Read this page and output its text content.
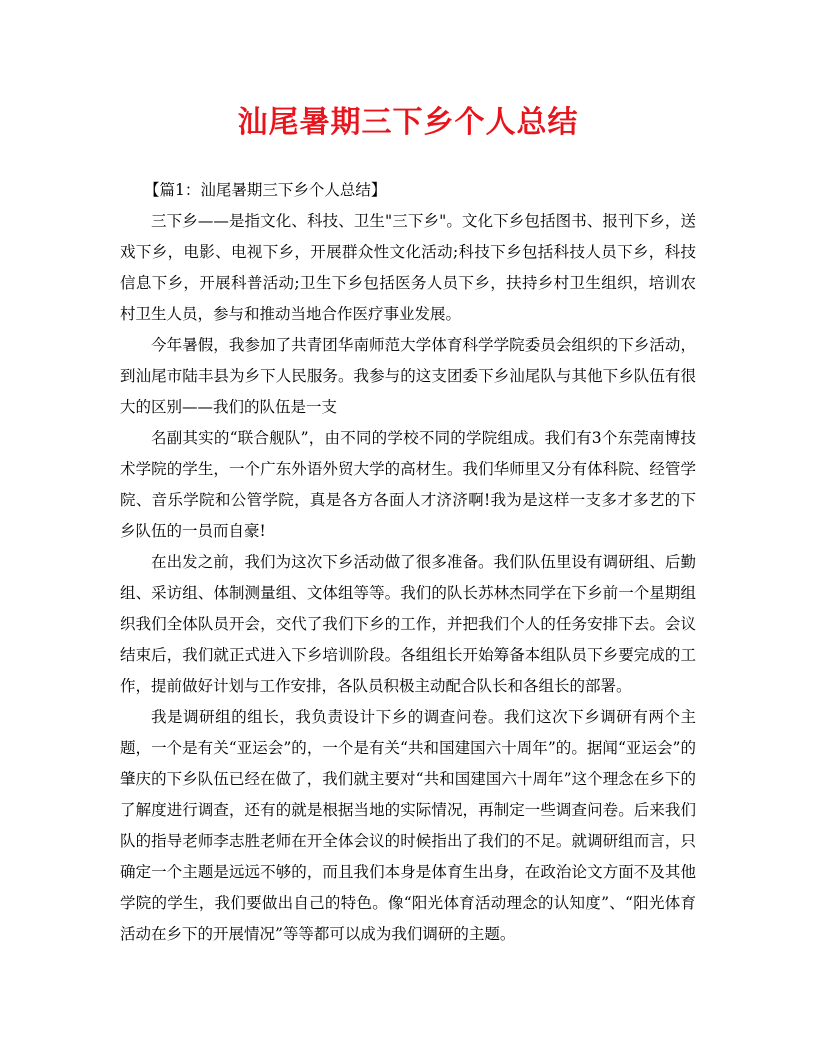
汕尾暑期三下乡个人总结

【篇1：汕尾暑期三下乡个人总结】

三下乡——是指文化、科技、卫生"三下乡"。文化下乡包括图书、报刊下乡，送戏下乡，电影、电视下乡，开展群众性文化活动;科技下乡包括科技人员下乡，科技信息下乡，开展科普活动;卫生下乡包括医务人员下乡，扶持乡村卫生组织，培训农村卫生人员，参与和推动当地合作医疗事业发展。

今年暑假，我参加了共青团华南师范大学体育科学学院委员会组织的下乡活动，到汕尾市陆丰县为乡下人民服务。我参与的这支团委下乡汕尾队与其他下乡队伍有很大的区别——我们的队伍是一支

名副其实的“联合舰队”，由不同的学校不同的学院组成。我们有3个东莞南博技术学院的学生，一个广东外语外贸大学的高材生。我们华师里又分有体科院、经管学院、音乐学院和公管学院，真是各方各面人才济济啊!我为是这样一支多才多艺的下乡队伍的一员而自豪!

在出发之前，我们为这次下乡活动做了很多准备。我们队伍里设有调研组、后勤组、采访组、体制测量组、文体组等等。我们的队长苏林杰同学在下乡前一个星期组织我们全体队员开会，交代了我们下乡的工作，并把我们个人的任务安排下去。会议结束后，我们就正式进入下乡培训阶段。各组组长开始筹备本组队员下乡要完成的工作，提前做好计划与工作安排，各队员积极主动配合队长和各组长的部署。

我是调研组的组长，我负责设计下乡的调查问卷。我们这次下乡调研有两个主题，一个是有关“亚运会”的，一个是有关“共和国建国六十周年”的。据闻“亚运会”的肇庆的下乡队伍已经在做了，我们就主要对“共和国建国六十周年”这个理念在乡下的了解度进行调查，还有的就是根据当地的实际情况，再制定一些调查问卷。后来我们队的指导老师李志胜老师在开全体会议的时候指出了我们的不足。就调研组而言，只确定一个主题是远远不够的，而且我们本身是体育生出身，在政治论文方面不及其他学院的学生，我们要做出自己的特色。像“阳光体育活动理念的认知度”、“阳光体育活动在乡下的开展情况”等等都可以成为我们调研的主题。
